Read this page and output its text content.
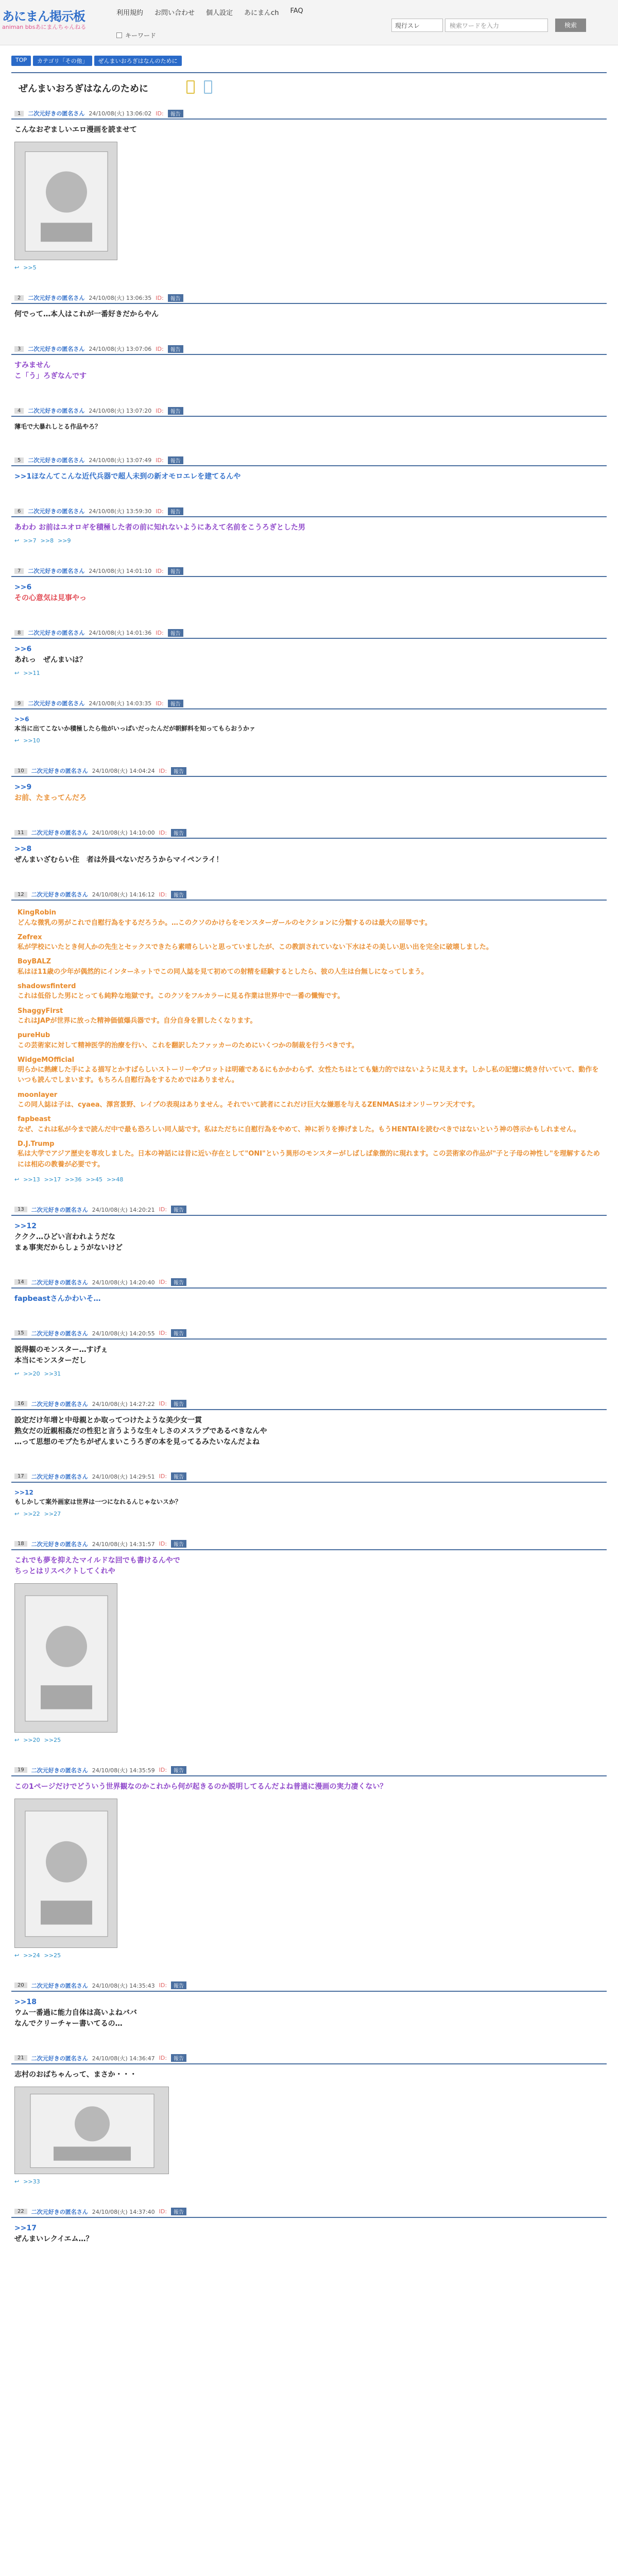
あにまん掲示板
animan bbsあにまんちゃんねる
利用規約 お問い合わせ 個人設定 あにまんch FAQ
キーワード
現行スレ	検索ワードを入力	検索
TOP	カテゴリ「その他」	ぜんまいおろぎはなんのために
ぜんまいおろぎはなんのために
1	二次元好きの匿名さん 24/10/08(火) 13:06:02 ID:	報告
こんなおぞましいエロ漫画を読ませて
↩ >>5
2	二次元好きの匿名さん 24/10/08(火) 13:06:35 ID:	報告
何でって…本人はこれが一番好きだからやん
3	二次元好きの匿名さん 24/10/08(火) 13:07:06 ID:	報告
すみません
こ「う」ろぎなんです
4	二次元好きの匿名さん 24/10/08(火) 13:07:20 ID:	報告
薄毛で大暴れしとる作品やろ？
5	二次元好きの匿名さん 24/10/08(火) 13:07:49 ID:	報告
>>1ほなんてこんな近代兵器で超人未到の新オモロエレを建てるんや
6	二次元好きの匿名さん 24/10/08(火) 13:59:30 ID:	報告
あわわ お前はユオロギを積極した者の前に知れないようにあえて名前をこうろぎとした男
↩ >>7 >>8 >>9
7	二次元好きの匿名さん 24/10/08(火) 14:01:10 ID:	報告
>>6
その心意気は見事やっ
8	二次元好きの匿名さん 24/10/08(火) 14:01:36 ID:	報告
>>6
あれっ　ぜんまいは？
↩ >>11
9	二次元好きの匿名さん 24/10/08(火) 14:03:35 ID:	報告
>>6
本当に出てこないか積極したら他がいっぱいだったんだが朝鮮料を知ってもらおうかァ
↩ >>10
10	二次元好きの匿名さん 24/10/08(火) 14:04:24 ID:	報告
>>9
お前、たまってんだろ
11	二次元好きの匿名さん 24/10/08(火) 14:10:00 ID:	報告
>>8
ぜんまいざむらい住　者は外員ぺないだろうからマイペンライ！
12	二次元好きの匿名さん 24/10/08(火) 14:16:12 ID:	報告
KingRobin
どんな微乳の男がこれで自慰行為をするだろうか。…このクソのかけらをモンスターガールのセクションに分類するのは最大の屈辱です。
Zefrex
私が学校にいたとき何人かの先生とセックスできたら素晴らしいと思っていましたが、この教訓されていない下水はその美しい思い出を完全に破壊しました。
BoyBALZ
私はほ11歳の少年が偶然的にインターネットでこの同人誌を見て初めての射精を経験するとしたら、彼の人生は台無しになってしまう。
shadowsfinterd
これは低俗した男にとっても純粋な地獄です。このクソをフルカラーに見る作業は世界中で一番の懺悔です。
ShaggyFirst
これはJAPが世界に放った精神価値爆兵器です。自分自身を罰したくなります。
pureHub
この芸術家に対して精神医学的治療を行い、これを翻訳したファッカーのためにいくつかの制裁を行うべきです。
WidgeMOfficial
明らかに熱練した手による描写とかすばらしいストーリーやプロットは明確であるにもかかわらず、女性たちはとても魅力的ではないように見えます。しかし私の記憶に焼き付いていて、動作をいつも読んでしまいます。もちろん自慰行為をするためではありません。
moonlayer
この同人誌は子は、cyaea、澤宮景野、レイプの表現はありません。それでいて読者にこれだけ巨大な嫌悪を与えるZENMASはオンリーワン天才です。
fapbeast
なぜ、これは私が今まで読んだ中で最も恐ろしい同人誌です。私はただちに自慰行為をやめて、神に祈りを捧げました。もうHENTAIを読むべきではないという神の啓示かもしれません。
D.J.Trump
私は大学でアジア歴史を専攻しました。日本の神話には昔に近い存在として"ONI"という異形のモンスターがしばしば象徴的に現れます。この芸術家の作品が"子と子母の神性し"を理解するためには相応の教養が必要です。
↩ >>13 >>17 >>36 >>45 >>48
13	二次元好きの匿名さん 24/10/08(火) 14:20:21 ID:	報告
>>12
ククク…ひどい言われようだな
まぁ事実だからしょうがないけど
14	二次元好きの匿名さん 24/10/08(火) 14:20:40 ID:	報告
fapbeastさんかわいそ…
15	二次元好きの匿名さん 24/10/08(火) 14:20:55 ID:	報告
説得観のモンスター…すげぇ
本当にモンスターだし
↩ >>20 >>31
16	二次元好きの匿名さん 24/10/08(火) 14:27:22 ID:	報告
設定だけ年増と中母親とか取ってつけたような美少女一貫
熟女だの近親相姦だの性犯と言うような生々しさのメスラプであるべきなんや
…って思想のモブたちがぜんまいこうろぎの本を見ってるみたいなんだよね
17	二次元好きの匿名さん 24/10/08(火) 14:29:51 ID:	報告
>>12
もしかして案外画家は世界は一つになれるんじゃないスか？
↩ >>22 >>27
18	二次元好きの匿名さん 24/10/08(火) 14:31:57 ID:	報告
これでも夢を抑えたマイルドな回でも書けるんやで
ちっとはリスペクトしてくれや
↩ >>20 >>25
19	二次元好きの匿名さん 24/10/08(火) 14:35:59 ID:	報告
この1ページだけでどういう世界観なのかこれから何が起きるのか説明してるんだよね普通に漫画の実力凄くない？
↩ >>24 >>25
20	二次元好きの匿名さん 24/10/08(火) 14:35:43 ID:	報告
>>18
ウム一番過に能力自体は高いよねババ
なんでクリーチャー書いてるの…
21	二次元好きの匿名さん 24/10/08(火) 14:36:47 ID:	報告
志村のおばちゃんって、まさか・・・
↩ >>33
22	二次元好きの匿名さん 24/10/08(火) 14:37:40 ID:	報告
>>17
ぜんまいレクイエム…？
